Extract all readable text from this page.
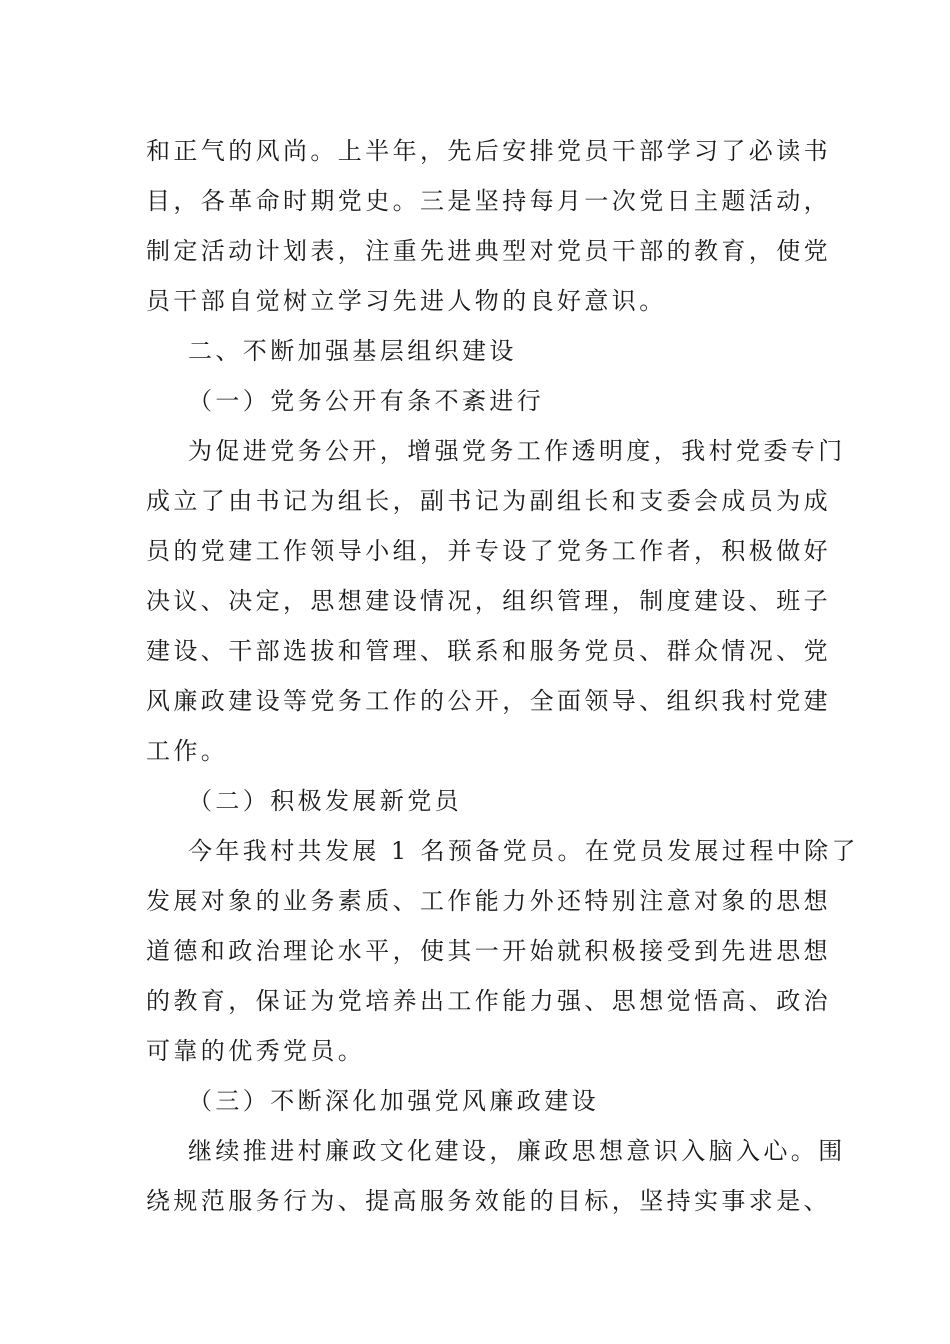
和正气的风尚。上半年，先后安排党员干部学习了必读书
目，各革命时期党史。三是坚持每月一次党日主题活动，
制定活动计划表，注重先进典型对党员干部的教育，使党
员干部自觉树立学习先进人物的良好意识。
二、不断加强基层组织建设
（一）党务公开有条不紊进行
为促进党务公开，增强党务工作透明度，我村党委专门
成立了由书记为组长，副书记为副组长和支委会成员为成
员的党建工作领导小组，并专设了党务工作者，积极做好
决议、决定，思想建设情况，组织管理，制度建设、班子
建设、干部选拔和管理、联系和服务党员、群众情况、党
风廉政建设等党务工作的公开，全面领导、组织我村党建
工作。
（二）积极发展新党员
今年我村共发展 1 名预备党员。在党员发展过程中除了
发展对象的业务素质、工作能力外还特别注意对象的思想
道德和政治理论水平，使其一开始就积极接受到先进思想
的教育，保证为党培养出工作能力强、思想觉悟高、政治
可靠的优秀党员。
（三）不断深化加强党风廉政建设
继续推进村廉政文化建设，廉政思想意识入脑入心。围
绕规范服务行为、提高服务效能的目标，坚持实事求是、
